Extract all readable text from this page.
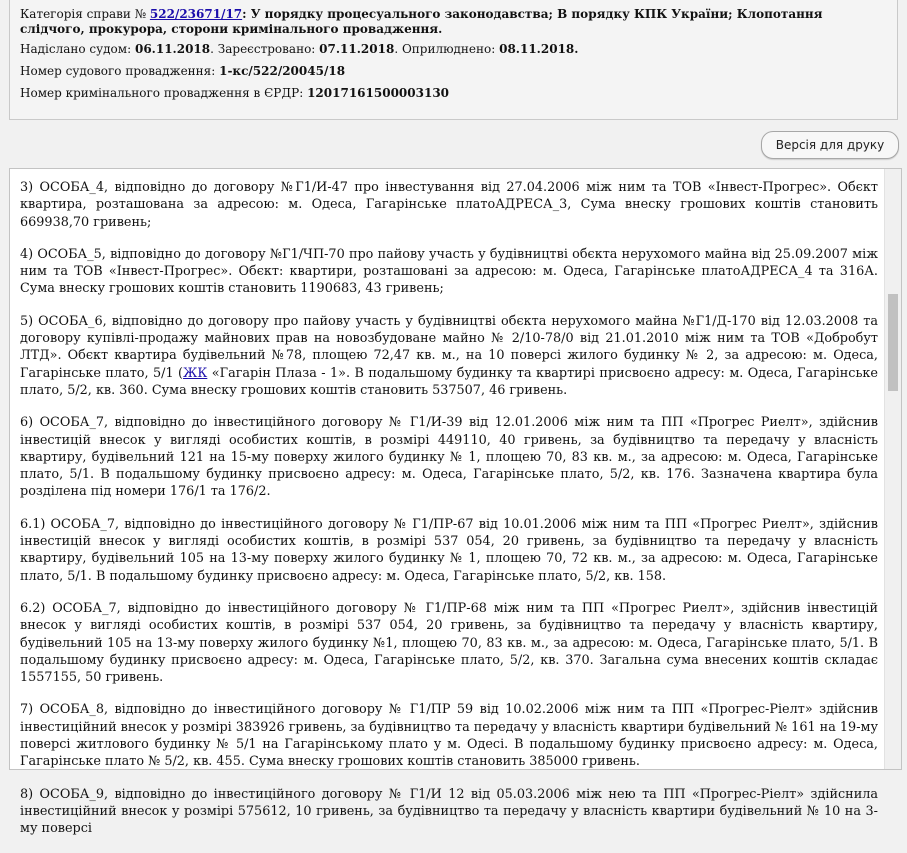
Категорія справи № 522/23671/17: У порядку процесуального законодавства; В порядку КПК України; Клопотання слідчого, прокурора, сторони кримінального провадження.
Надіслано судом: 06.11.2018. Зареєстровано: 07.11.2018. Оприлюднено: 08.11.2018.
Номер судового провадження: 1-кс/522/20045/18
Номер кримінального провадження в ЄРДР: 12017161500003130
Версія для друку

3) ОСОБА_4, відповідно до договору №Г1/И-47 про інвестування від 27.04.2006 між ним та ТОВ «Інвест-Прогрес». Обєкт квартира, розташована за адресою: м. Одеса, Гагарінське платоАДРЕСА_3, Сума внеску грошових коштів становить 669938,70 гривень;

4) ОСОБА_5, відповідно до договору №Г1/ЧП-70 про пайову участь у будівництві обєкта нерухомого майна від 25.09.2007 між ним та ТОВ «Інвест-Прогрес». Обєкт: квартири, розташовані за адресою: м. Одеса, Гагарінське платоАДРЕСА_4 та 316А. Сума внеску грошових коштів становить 1190683, 43 гривень;

5) ОСОБА_6, відповідно до договору про пайову участь у будівництві обєкта нерухомого майна №Г1/Д-170 від 12.03.2008 та договору купівлі-продажу майнових прав на новозбудоване майно № 2/10-78/0 від 21.01.2010 між ним та ТОВ «Добробут ЛТД». Обєкт квартира будівельний №78, площею 72,47 кв. м., на 10 поверсі жилого будинку № 2, за адресою: м. Одеса, Гагарінське плато, 5/1 (ЖК «Гагарін Плаза - 1». В подальшому будинку та квартирі присвоєно адресу: м. Одеса, Гагарінське плато, 5/2, кв. 360. Сума внеску грошових коштів становить 537507, 46 гривень.

6) ОСОБА_7, відповідно до інвестиційного договору № Г1/И-39 від 12.01.2006 між ним та ПП «Прогрес Риелт», здійснив інвестицій внесок у вигляді особистих коштів, в розмірі 449110, 40 гривень, за будівництво та передачу у власність квартиру, будівельний 121 на 15-му поверху жилого будинку № 1, площею 70, 83 кв. м., за адресою: м. Одеса, Гагарінське плато, 5/1. В подальшому будинку присвоєно адресу: м. Одеса, Гагарінське плато, 5/2, кв. 176. Зазначена квартира була розділена під номери 176/1 та 176/2.

6.1) ОСОБА_7, відповідно до інвестиційного договору № Г1/ПР-67 від 10.01.2006 між ним та ПП «Прогрес Риелт», здійснив інвестицій внесок у вигляді особистих коштів, в розмірі 537 054, 20 гривень, за будівництво та передачу у власність квартиру, будівельний 105 на 13-му поверху жилого будинку № 1, площею 70, 72 кв. м., за адресою: м. Одеса, Гагарінське плато, 5/1. В подальшому будинку присвоєно адресу: м. Одеса, Гагарінське плато, 5/2, кв. 158.

6.2) ОСОБА_7, відповідно до інвестиційного договору № Г1/ПР-68 між ним та ПП «Прогрес Риелт», здійснив інвестицій внесок у вигляді особистих коштів, в розмірі 537 054, 20 гривень, за будівництво та передачу у власність квартиру, будівельний 105 на 13-му поверху жилого будинку №1, площею 70, 83 кв. м., за адресою: м. Одеса, Гагарінське плато, 5/1. В подальшому будинку присвоєно адресу: м. Одеса, Гагарінське плато, 5/2, кв. 370. Загальна сума внесених коштів складає 1557155, 50 гривень.

7) ОСОБА_8, відповідно до інвестиційного договору № Г1/ПР 59 від 10.02.2006 між ним та ПП «Прогрес-Ріелт» здійснив інвестиційний внесок у розмірі 383926 гривень, за будівництво та передачу у власність квартири будівельний № 161 на 19-му поверсі житлового будинку № 5/1 на Гагарінському плато у м. Одесі. В подальшому будинку присвоєно адресу: м. Одеса, Гагарінське плато № 5/2, кв. 455. Сума внеску грошових коштів становить 385000 гривень.

8) ОСОБА_9, відповідно до інвестиційного договору № Г1/И 12 від 05.03.2006 між нею та ПП «Прогрес-Ріелт» здійснила інвестиційний внесок у розмірі 575612, 10 гривень, за будівництво та передачу у власність квартири будівельний № 10 на 3-му поверсі
